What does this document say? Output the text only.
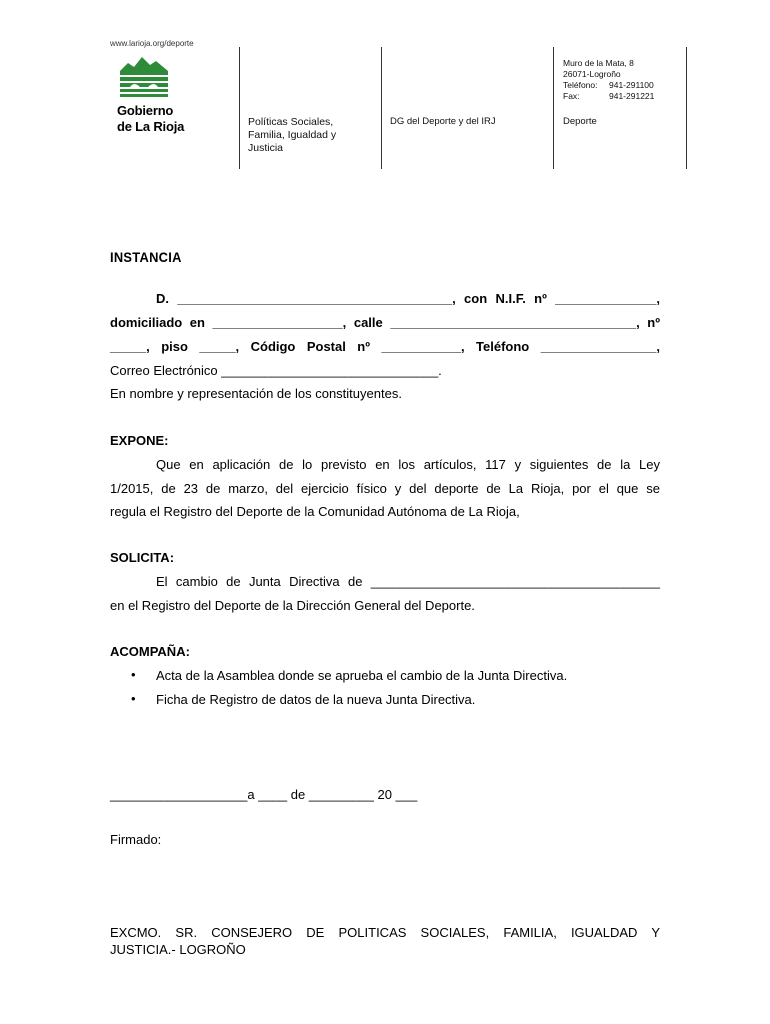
www.larioja.org/deporte
Gobierno
de La Rioja	Políticas Sociales,
Familia, Igualdad y
Justicia
DG del Deporte y del IRJ
Muro de la Mata, 8
26071-Logroño
Teléfono: 941-291100
Fax:	941-291221
Deporte
INSTANCIA
D. ______________________________________, con N.I.F. nº ______________,
domiciliado en __________________, calle __________________________________, nº
_____, piso _____, Código Postal nº ___________, Teléfono ________________,
Correo Electrónico ______________________________.
En nombre y representación de los constituyentes.
EXPONE:
Que en aplicación de lo previsto en los artículos, 117 y siguientes de la Ley
1/2015, de 23 de marzo, del ejercicio físico y del deporte de La Rioja, por el que se
regula el Registro del Deporte de la Comunidad Autónoma de La Rioja,
SOLICITA:
El cambio de Junta Directiva de ________________________________________
en el Registro del Deporte de la Dirección General del Deporte.
ACOMPAÑA:
• Acta de la Asamblea donde se aprueba el cambio de la Junta Directiva.
• Ficha de Registro de datos de la nueva Junta Directiva.
___________________a ____ de _________ 20 ___
Firmado:
EXCMO. SR. CONSEJERO DE POLITICAS SOCIALES, FAMILIA, IGUALDAD Y
JUSTICIA.- LOGROÑO
